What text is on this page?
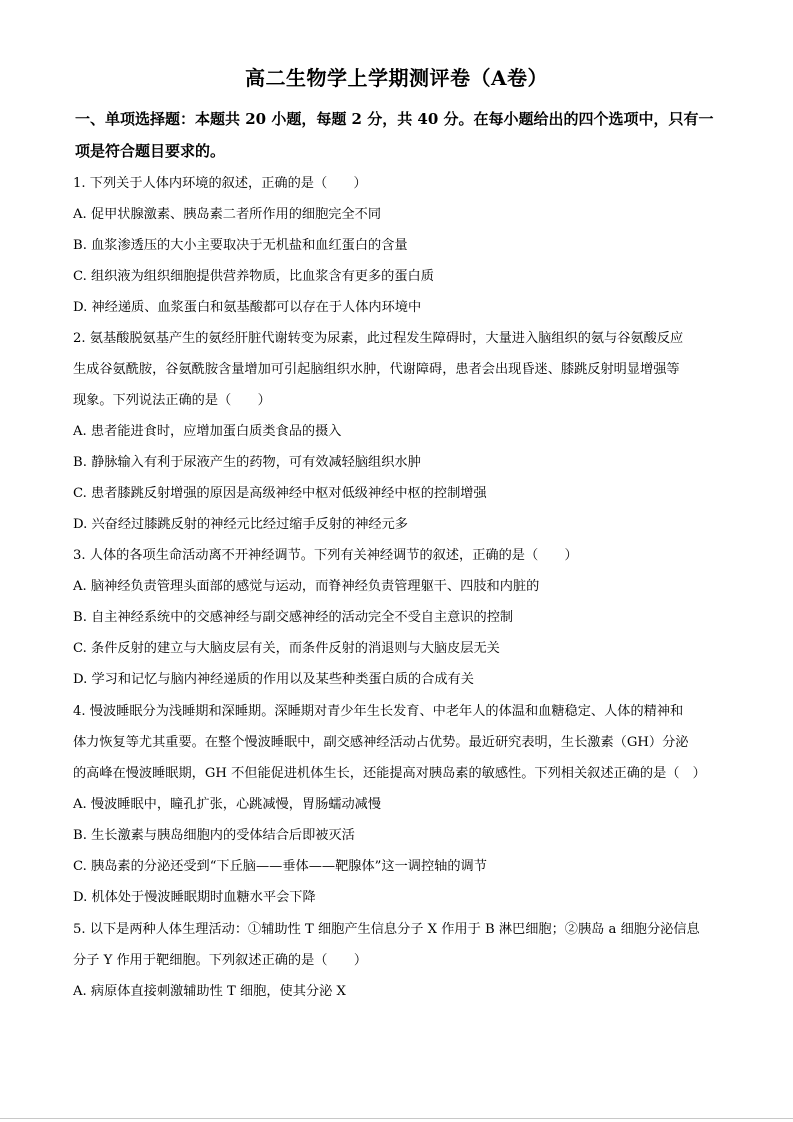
高二生物学上学期测评卷（A卷）
一、单项选择题：本题共 20 小题，每题 2 分，共 40 分。在每小题给出的四个选项中，只有一
项是符合题目要求的。
1. 下列关于人体内环境的叙述，正确的是（　　）
A. 促甲状腺激素、胰岛素二者所作用的细胞完全不同
B. 血浆渗透压的大小主要取决于无机盐和血红蛋白的含量
C. 组织液为组织细胞提供营养物质，比血浆含有更多的蛋白质
D. 神经递质、血浆蛋白和氨基酸都可以存在于人体内环境中
2. 氨基酸脱氨基产生的氨经肝脏代谢转变为尿素，此过程发生障碍时，大量进入脑组织的氨与谷氨酸反应
生成谷氨酰胺，谷氨酰胺含量增加可引起脑组织水肿，代谢障碍，患者会出现昏迷、膝跳反射明显增强等
现象。下列说法正确的是（　　）
A. 患者能进食时，应增加蛋白质类食品的摄入
B. 静脉输入有利于尿液产生的药物，可有效减轻脑组织水肿
C. 患者膝跳反射增强的原因是高级神经中枢对低级神经中枢的控制增强
D. 兴奋经过膝跳反射的神经元比经过缩手反射的神经元多
3. 人体的各项生命活动离不开神经调节。下列有关神经调节的叙述，正确的是（　　）
A. 脑神经负责管理头面部的感觉与运动，而脊神经负责管理躯干、四肢和内脏的
B. 自主神经系统中的交感神经与副交感神经的活动完全不受自主意识的控制
C. 条件反射的建立与大脑皮层有关，而条件反射的消退则与大脑皮层无关
D. 学习和记忆与脑内神经递质的作用以及某些种类蛋白质的合成有关
4. 慢波睡眠分为浅睡期和深睡期。深睡期对青少年生长发育、中老年人的体温和血糖稳定、人体的精神和
体力恢复等尤其重要。在整个慢波睡眠中，副交感神经活动占优势。最近研究表明，生长激素（GH）分泌
的高峰在慢波睡眠期，GH 不但能促进机体生长，还能提高对胰岛素的敏感性。下列相关叙述正确的是（　）
A. 慢波睡眠中，瞳孔扩张，心跳减慢，胃肠蠕动减慢
B. 生长激素与胰岛细胞内的受体结合后即被灭活
C. 胰岛素的分泌还受到“下丘脑——垂体——靶腺体”这一调控轴的调节
D. 机体处于慢波睡眠期时血糖水平会下降
5. 以下是两种人体生理活动：①辅助性 T 细胞产生信息分子 X 作用于 B 淋巴细胞；②胰岛 a 细胞分泌信息
分子 Y 作用于靶细胞。下列叙述正确的是（　　）
A. 病原体直接刺激辅助性 T 细胞，使其分泌 X
